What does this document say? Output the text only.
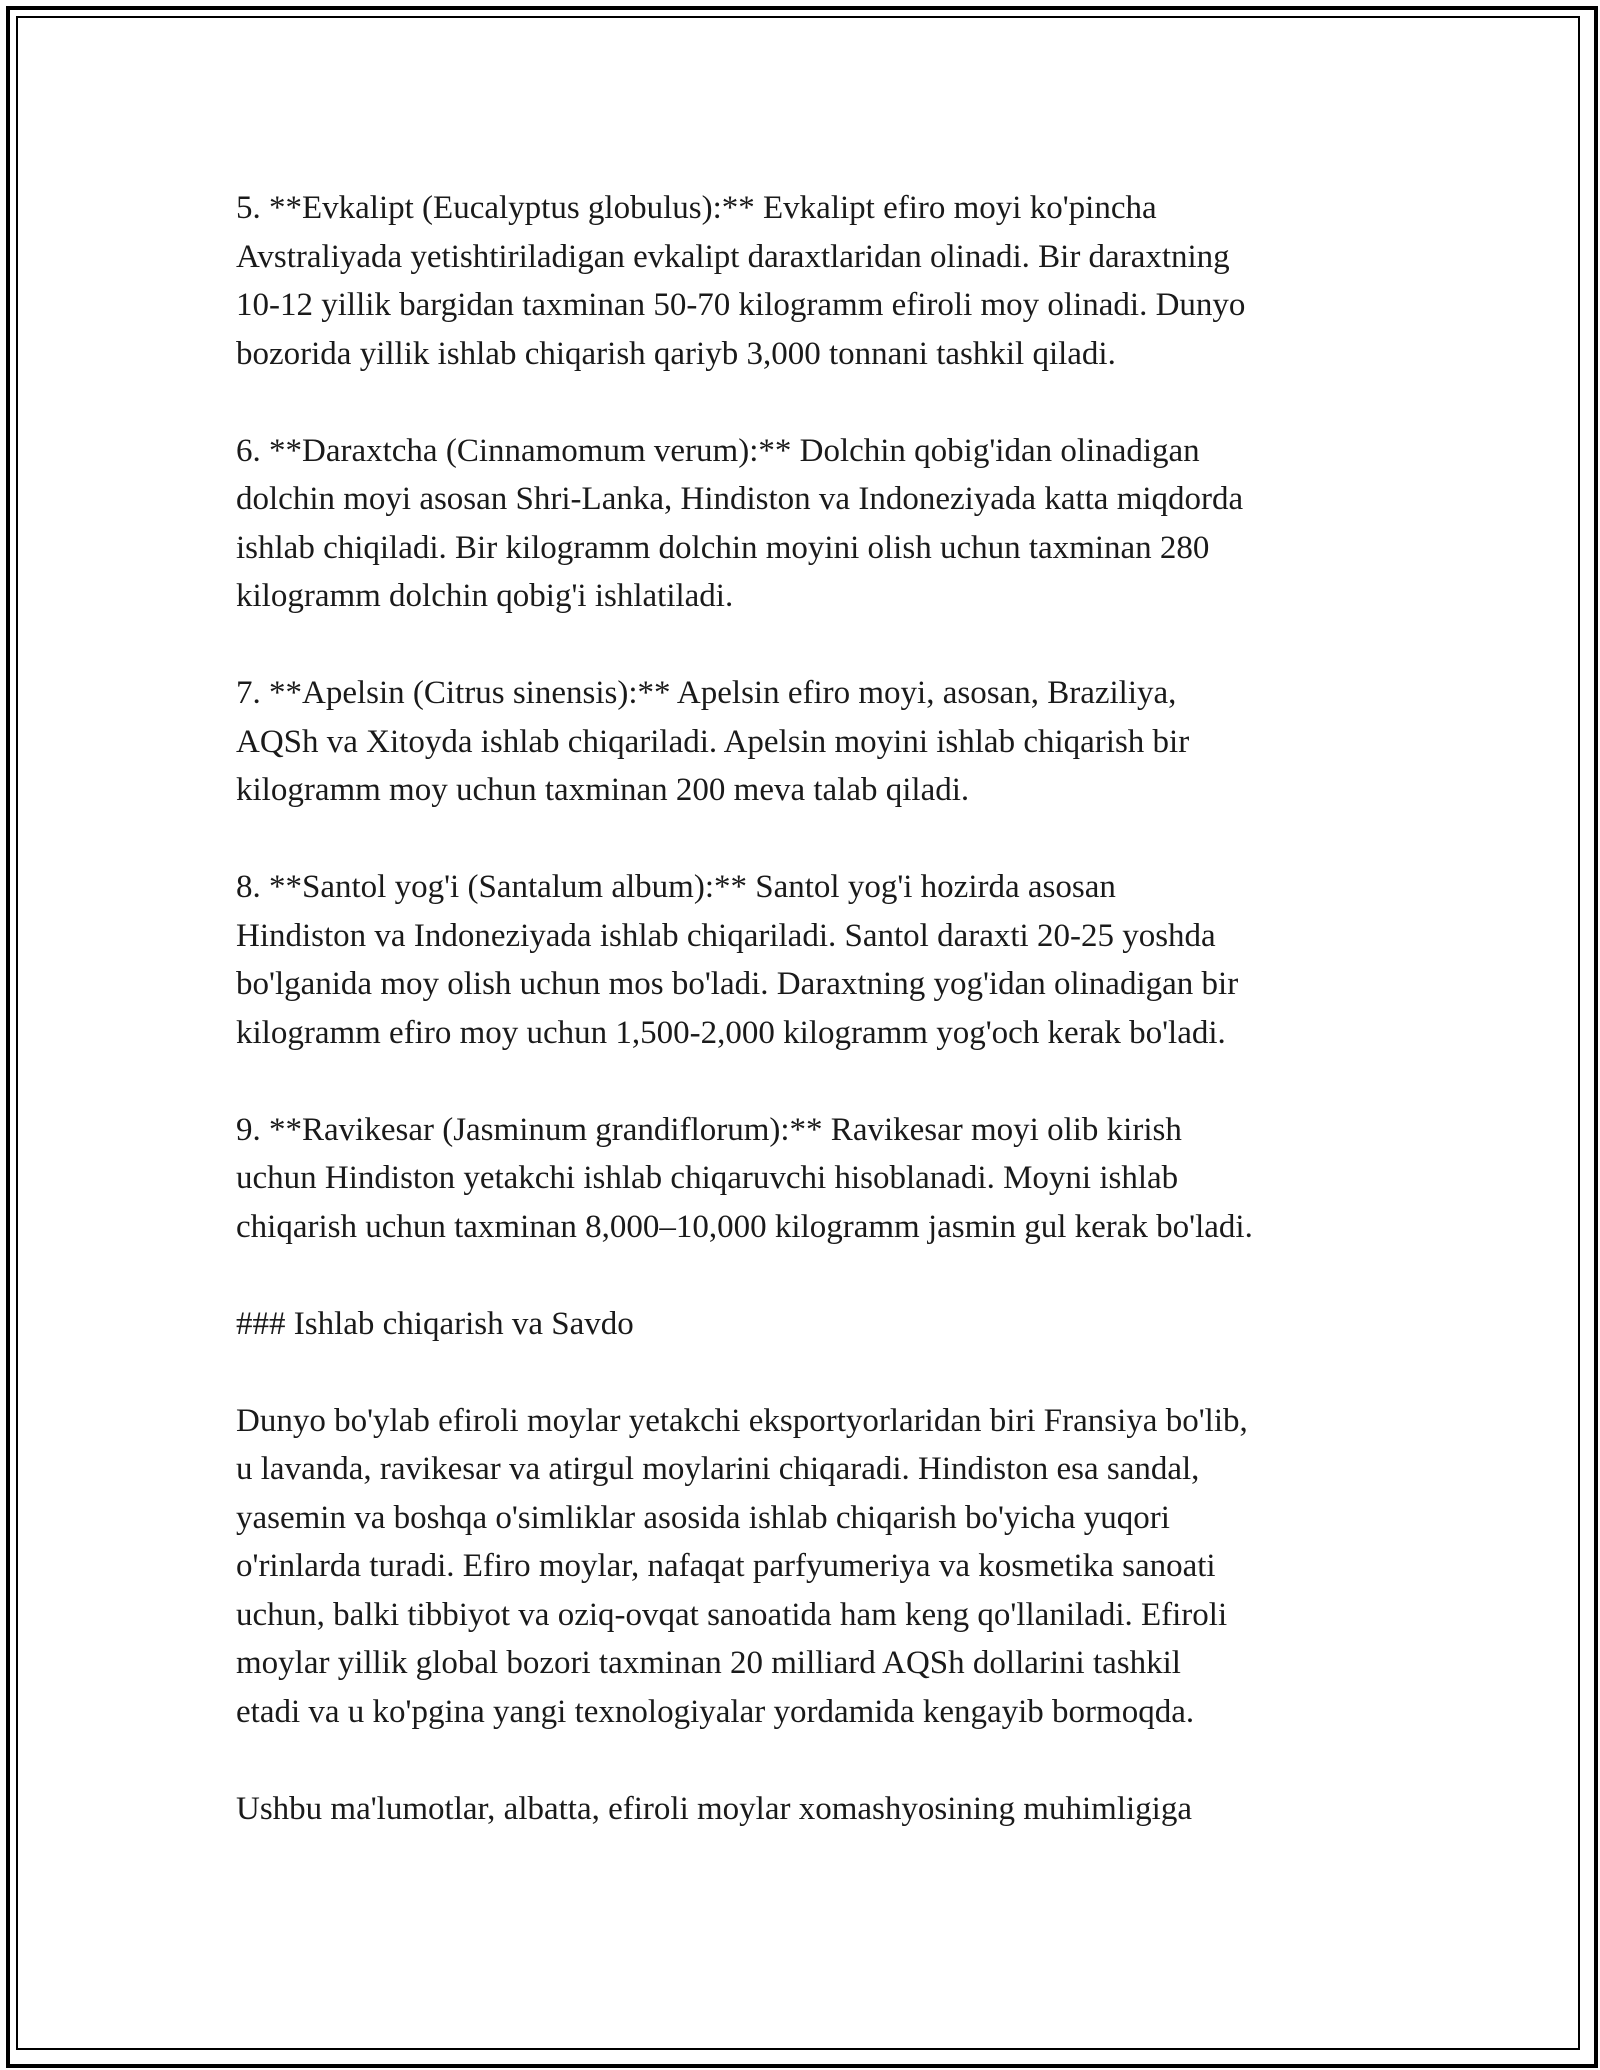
5. **Evkalipt (Eucalyptus globulus):** Evkalipt efiro moyi ko'pincha
Avstraliyada yetishtiriladigan evkalipt daraxtlaridan olinadi. Bir daraxtning
10-12 yillik bargidan taxminan 50-70 kilogramm efiroli moy olinadi. Dunyo
bozorida yillik ishlab chiqarish qariyb 3,000 tonnani tashkil qiladi.

6. **Daraxtcha (Cinnamomum verum):** Dolchin qobig'idan olinadigan
dolchin moyi asosan Shri-Lanka, Hindiston va Indoneziyada katta miqdorda
ishlab chiqiladi. Bir kilogramm dolchin moyini olish uchun taxminan 280
kilogramm dolchin qobig'i ishlatiladi.

7. **Apelsin (Citrus sinensis):** Apelsin efiro moyi, asosan, Braziliya,
AQSh va Xitoyda ishlab chiqariladi. Apelsin moyini ishlab chiqarish bir
kilogramm moy uchun taxminan 200 meva talab qiladi.

8. **Santol yog'i (Santalum album):** Santol yog'i hozirda asosan
Hindiston va Indoneziyada ishlab chiqariladi. Santol daraxti 20-25 yoshda
bo'lganida moy olish uchun mos bo'ladi. Daraxtning yog'idan olinadigan bir
kilogramm efiro moy uchun 1,500-2,000 kilogramm yog'och kerak bo'ladi.

9. **Ravikesar (Jasminum grandiflorum):** Ravikesar moyi olib kirish
uchun Hindiston yetakchi ishlab chiqaruvchi hisoblanadi. Moyni ishlab
chiqarish uchun taxminan 8,000–10,000 kilogramm jasmin gul kerak bo'ladi.

### Ishlab chiqarish va Savdo

Dunyo bo'ylab efiroli moylar yetakchi eksportyorlaridan biri Fransiya bo'lib,
u lavanda, ravikesar va atirgul moylarini chiqaradi. Hindiston esa sandal,
yasemin va boshqa o'simliklar asosida ishlab chiqarish bo'yicha yuqori
o'rinlarda turadi. Efiro moylar, nafaqat parfyumeriya va kosmetika sanoati
uchun, balki tibbiyot va oziq-ovqat sanoatida ham keng qo'llaniladi. Efiroli
moylar yillik global bozori taxminan 20 milliard AQSh dollarini tashkil
etadi va u ko'pgina yangi texnologiyalar yordamida kengayib bormoqda.

Ushbu ma'lumotlar, albatta, efiroli moylar xomashyosining muhimligiga
